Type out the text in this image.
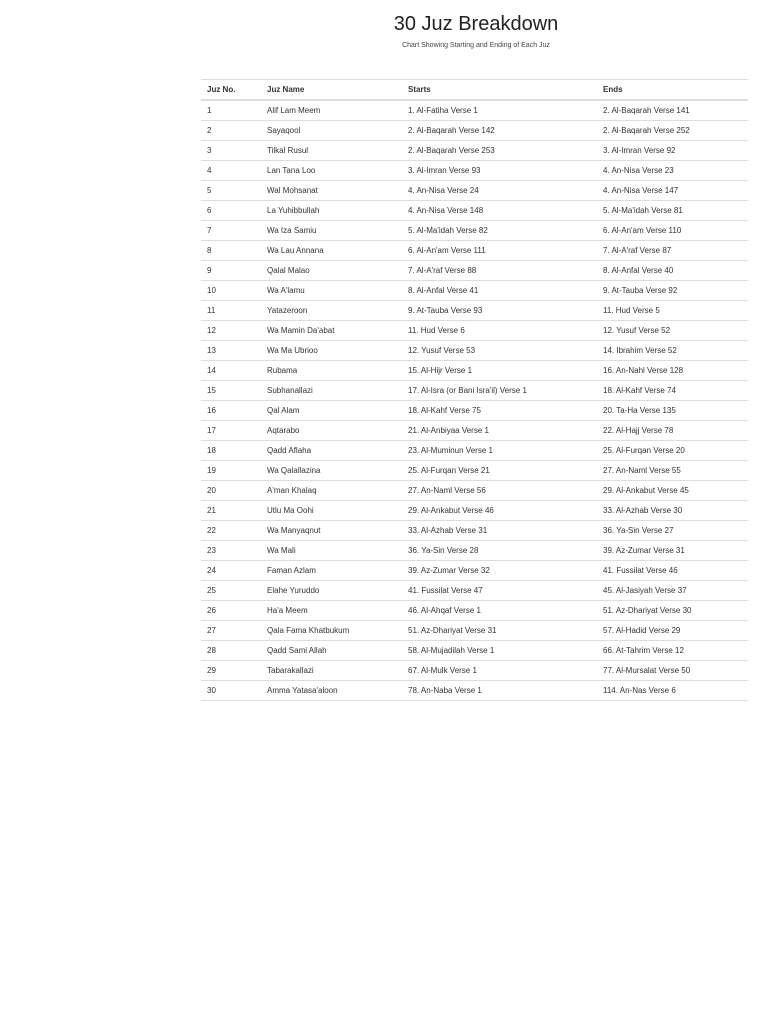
30 Juz Breakdown

Chart Showing Starting and Ending of Each Juz

Juz No.	Juz Name	Starts	Ends
1	Alif Lam Meem	1. Al-Fatiha Verse 1	2. Al-Baqarah Verse 141
2	Sayaqool	2. Al-Baqarah Verse 142	2. Al-Baqarah Verse 252
3	Tilkal Rusul	2. Al-Baqarah Verse 253	3. Al-Imran Verse 92
4	Lan Tana Loo	3. Al-Imran Verse 93	4. An-Nisa Verse 23
5	Wal Mohsanat	4. An-Nisa Verse 24	4. An-Nisa Verse 147
6	La Yuhibbullah	4. An-Nisa Verse 148	5. Al-Ma'idah Verse 81
7	Wa Iza Samiu	5. Al-Ma'idah Verse 82	6. Al-An'am Verse 110
8	Wa Lau Annana	6. Al-An'am Verse 111	7. Al-A'raf Verse 87
9	Qalal Malao	7. Al-A'raf Verse 88	8. Al-Anfal Verse 40
10	Wa A'lamu	8. Al-Anfal Verse 41	9. At-Tauba Verse 92
11	Yatazeroon	9. At-Tauba Verse 93	11. Hud Verse 5
12	Wa Mamin Da'abat	11. Hud Verse 6	12. Yusuf Verse 52
13	Wa Ma Ubrioo	12. Yusuf Verse 53	14. Ibrahim Verse 52
14	Rubama	15. Al-Hijr Verse 1	16. An-Nahl Verse 128
15	Subhanallazi	17. Al-Isra (or Bani Isra'il) Verse 1	18. Al-Kahf Verse 74
16	Qal Alam	18. Al-Kahf Verse 75	20. Ta-Ha Verse 135
17	Aqtarabo	21. Al-Anbiyaa Verse 1	22. Al-Hajj Verse 78
18	Qadd Aflaha	23. Al-Muminun Verse 1	25. Al-Furqan Verse 20
19	Wa Qalallazina	25. Al-Furqan Verse 21	27. An-Naml Verse 55
20	A'man Khalaq	27. An-Naml Verse 56	29. Al-Ankabut Verse 45
21	Utlu Ma Oohi	29. Al-Ankabut Verse 46	33. Al-Azhab Verse 30
22	Wa Manyaqnut	33. Al-Azhab Verse 31	36. Ya-Sin Verse 27
23	Wa Mali	36. Ya-Sin Verse 28	39. Az-Zumar Verse 31
24	Faman Azlam	39. Az-Zumar Verse 32	41. Fussilat Verse 46
25	Elahe Yuruddo	41. Fussilat Verse 47	45. Al-Jasiyah Verse 37
26	Ha'a Meem	46. Al-Ahqaf Verse 1	51. Az-Dhariyat Verse 30
27	Qala Fama Khatbukum	51. Az-Dhariyat Verse 31	57. Al-Hadid Verse 29
28	Qadd Sami Allah	58. Al-Mujadilah Verse 1	66. At-Tahrim Verse 12
29	Tabarakallazi	67. Al-Mulk Verse 1	77. Al-Mursalat Verse 50
30	Amma Yatasa'aloon	78. An-Naba Verse 1	114. An-Nas Verse 6
